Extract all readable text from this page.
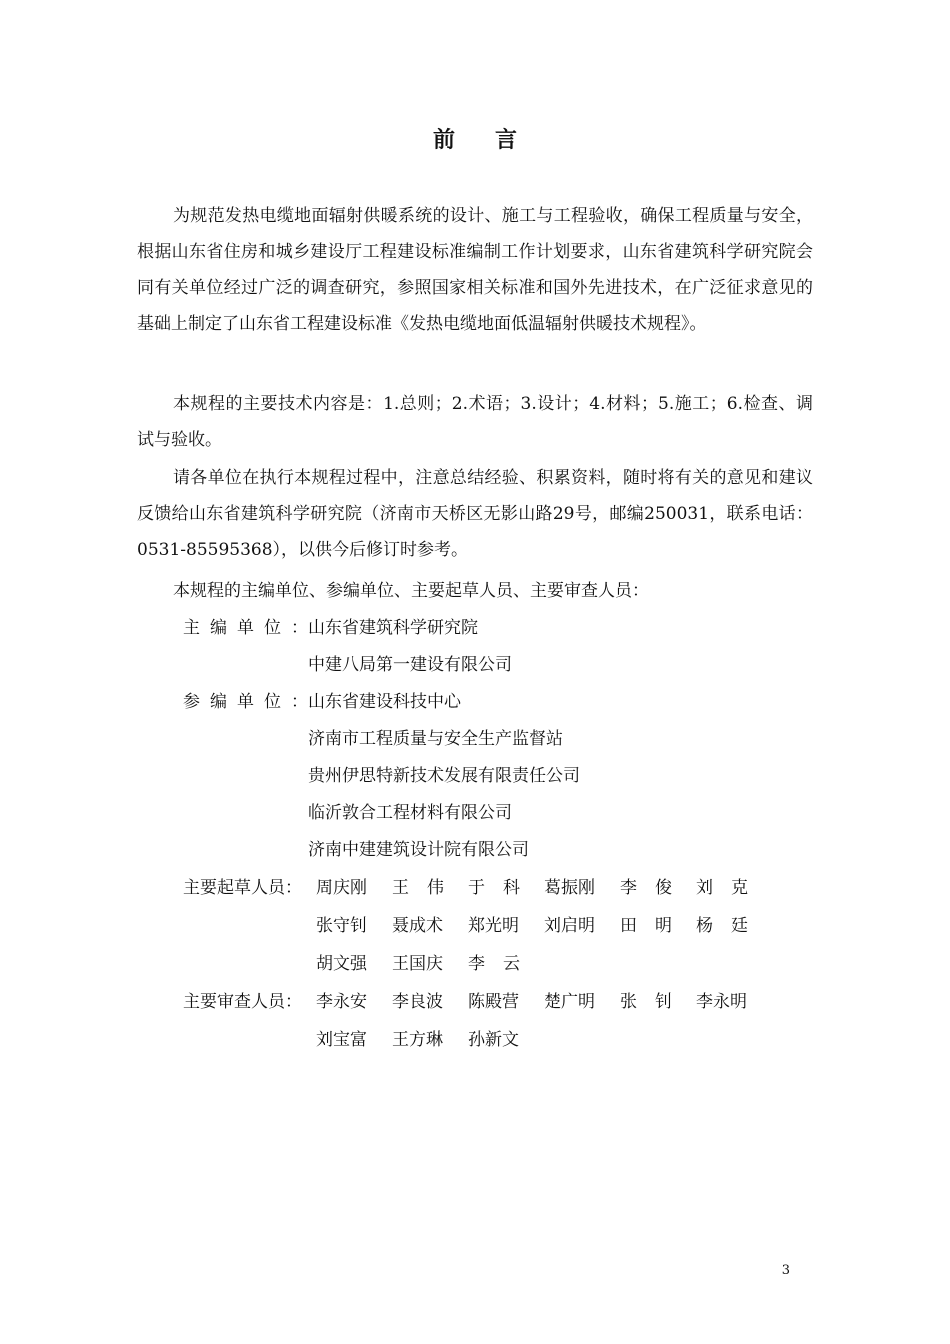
前言
为规范发热电缆地面辐射供暖系统的设计、施工与工程验收，确保工程质量与安全，根据山东省住房和城乡建设厅工程建设标准编制工作计划要求，山东省建筑科学研究院会同有关单位经过广泛的调查研究，参照国家相关标准和国外先进技术，在广泛征求意见的基础上制定了山东省工程建设标准《发热电缆地面低温辐射供暖技术规程》。
本规程的主要技术内容是：1.总则；2.术语；3.设计；4.材料；5.施工；6.检查、调试与验收。
请各单位在执行本规程过程中，注意总结经验、积累资料，随时将有关的意见和建议反馈给山东省建筑科学研究院（济南市天桥区无影山路29号，邮编250031，联系电话：0531-85595368），以供今后修订时参考。
本规程的主编单位、参编单位、主要起草人员、主要审查人员：
主编单位：
山东省建筑科学研究院
中建八局第一建设有限公司
参编单位：
山东省建设科技中心
济南市工程质量与安全生产监督站
贵州伊思特新技术发展有限责任公司
临沂敦合工程材料有限公司
济南中建建筑设计院有限公司
主要起草人员： 周庆刚	王 伟	于 科	葛振刚	李 俊	刘 克
张守钊	聂成术	郑光明	刘启明	田 明	杨 廷
胡文强	王国庆	李 云
主要审查人员： 李永安	李良波	陈殿营	楚广明	张 钊	李永明
刘宝富	王方琳	孙新文
3
